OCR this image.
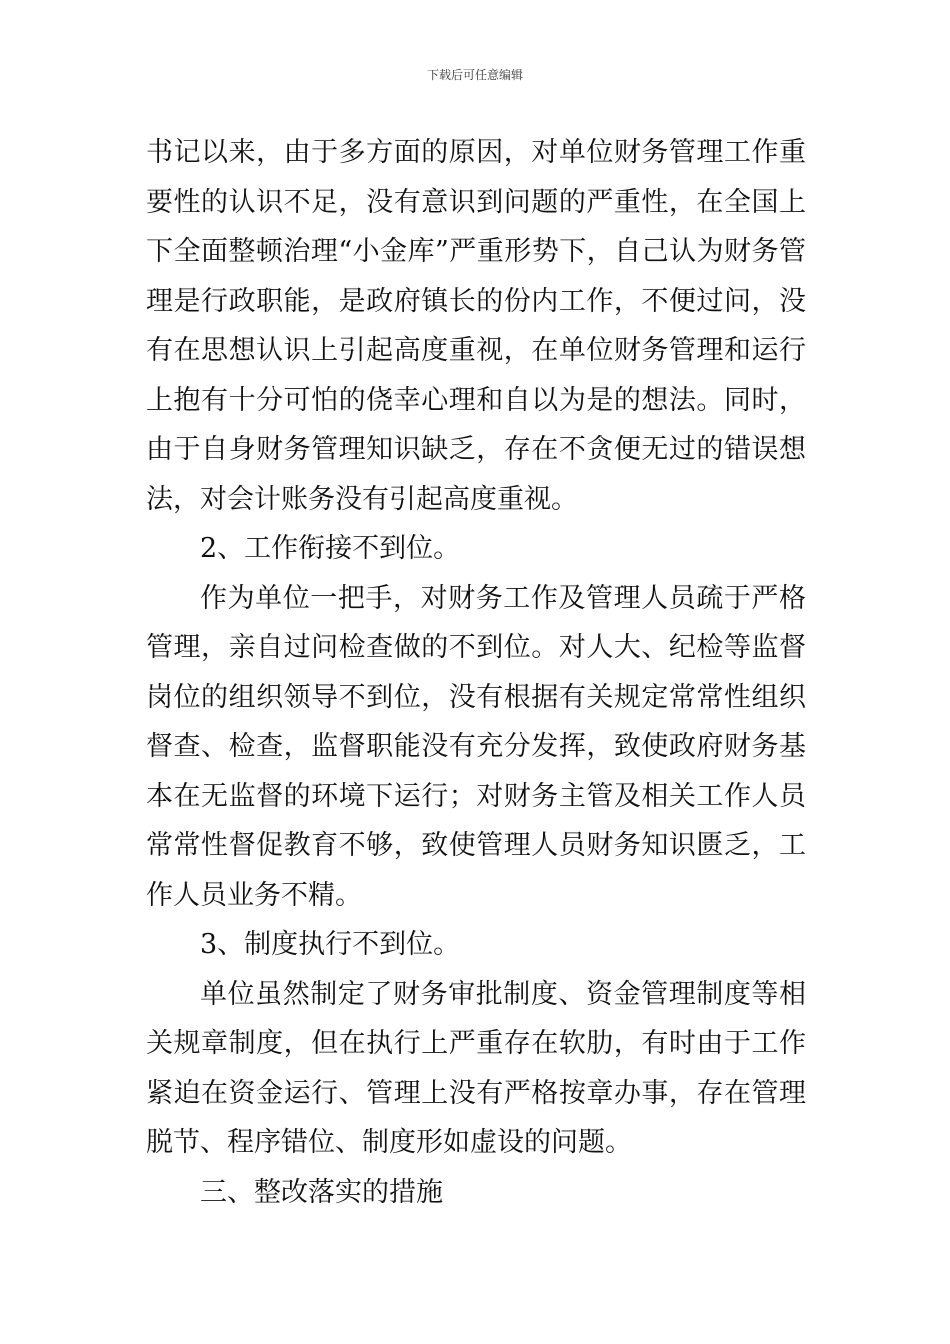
下载后可任意编辑

书记以来，由于多方面的原因，对单位财务管理工作重要性的认识不足，没有意识到问题的严重性，在全国上下全面整顿治理“小金库”严重形势下，自己认为财务管理是行政职能，是政府镇长的份内工作，不便过问，没有在思想认识上引起高度重视，在单位财务管理和运行上抱有十分可怕的侥幸心理和自以为是的想法。同时，由于自身财务管理知识缺乏，存在不贪便无过的错误想法，对会计账务没有引起高度重视。

2、工作衔接不到位。

作为单位一把手，对财务工作及管理人员疏于严格管理，亲自过问检查做的不到位。对人大、纪检等监督岗位的组织领导不到位，没有根据有关规定常常性组织督查、检查，监督职能没有充分发挥，致使政府财务基本在无监督的环境下运行；对财务主管及相关工作人员常常性督促教育不够，致使管理人员财务知识匮乏，工作人员业务不精。

3、制度执行不到位。

单位虽然制定了财务审批制度、资金管理制度等相关规章制度，但在执行上严重存在软肋，有时由于工作紧迫在资金运行、管理上没有严格按章办事，存在管理脱节、程序错位、制度形如虚设的问题。

三、整改落实的措施
